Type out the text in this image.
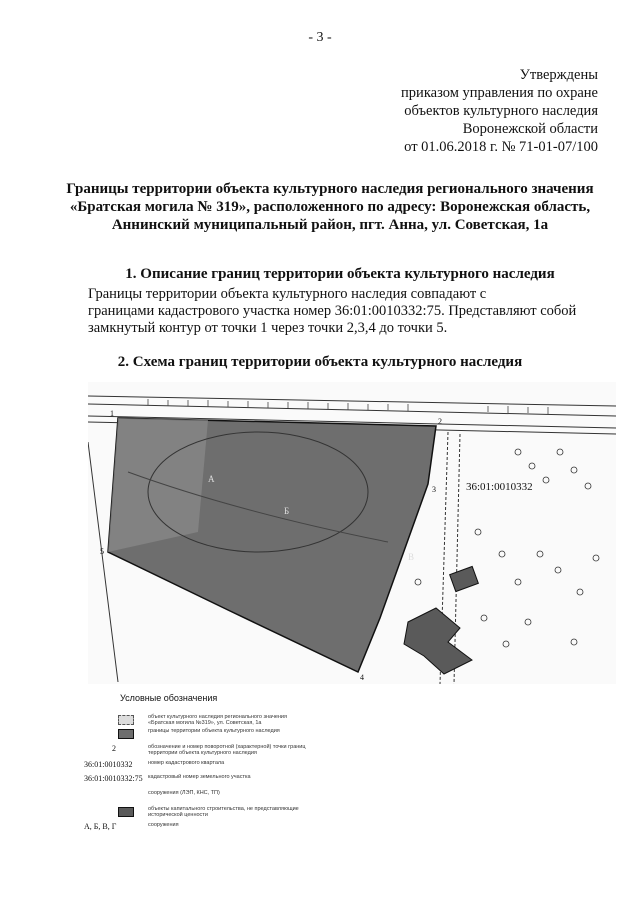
- 3 -
Утверждены
приказом управления по охране
объектов культурного наследия
Воронежской области
от 01.06.2018 г. № 71-01-07/100
Границы территории объекта культурного наследия регионального значения «Братская могила № 319», расположенного по адресу: Воронежская область, Аннинский муниципальный район, пгт. Анна, ул. Советская, 1а
1. Описание границ территории объекта культурного наследия
Границы территории объекта культурного наследия совпадают с
границами кадастрового участка номер 36:01:0010332:75. Представляют собой
замкнутый контур от точки 1 через точки 2,3,4 до точки 5.
2. Схема границ территории объекта культурного наследия
36:01:0010332
1
2
3
4
5
А
Б
В
Условные обозначения
объект культурного наследия регионального значения «Братская могила №319», ул. Советская, 1а
границы территории объекта культурного наследия
2	обозначение и номер поворотной (характерной) точки границ территории объекта культурного наследия
36:01:0010332	номер кадастрового квартала
36:01:0010332:75 кадастровый номер земельного участка
сооружения (ЛЭП, КНС, ТП)
объекты капитального строительства, не представляющие исторической ценности
А, Б, В, Г	сооружения
